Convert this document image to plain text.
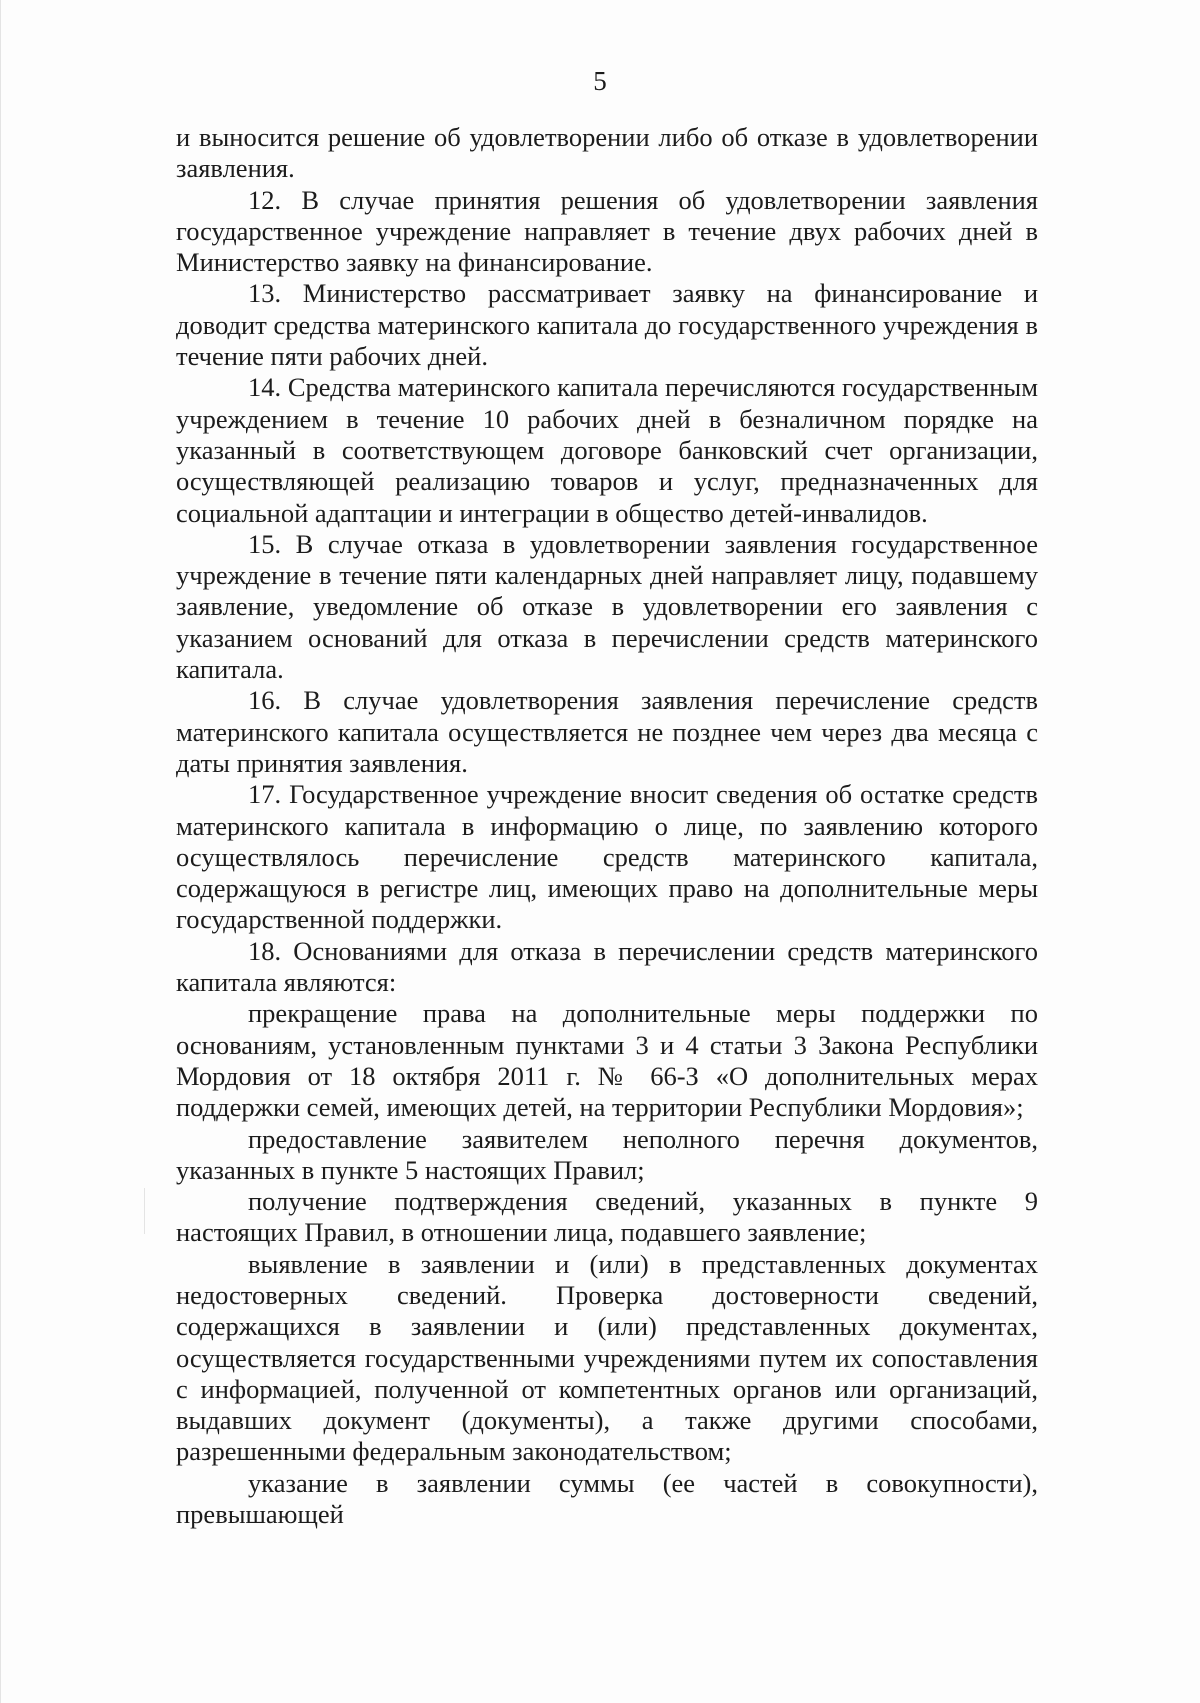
5

и выносится решение об удовлетворении либо об отказе в удовлетворении заявления.

12. В случае принятия решения об удовлетворении заявления государственное учреждение направляет в течение двух рабочих дней в Министерство заявку на финансирование.

13. Министерство рассматривает заявку на финансирование и доводит средства материнского капитала до государственного учреждения в течение пяти рабочих дней.

14. Средства материнского капитала перечисляются государственным учреждением в течение 10 рабочих дней в безналичном порядке на указанный в соответствующем договоре банковский счет организации, осуществляющей реализацию товаров и услуг, предназначенных для социальной адаптации и интеграции в общество детей-инвалидов.

15. В случае отказа в удовлетворении заявления государственное учреждение в течение пяти календарных дней направляет лицу, подавшему заявление, уведомление об отказе в удовлетворении его заявления с указанием оснований для отказа в перечислении средств материнского капитала.

16. В случае удовлетворения заявления перечисление средств материнского капитала осуществляется не позднее чем через два месяца с даты принятия заявления.

17. Государственное учреждение вносит сведения об остатке средств материнского капитала в информацию о лице, по заявлению которого осуществлялось перечисление средств материнского капитала, содержащуюся в регистре лиц, имеющих право на дополнительные меры государственной поддержки.

18. Основаниями для отказа в перечислении средств материнского капитала являются:

прекращение права на дополнительные меры поддержки по основаниям, установленным пунктами 3 и 4 статьи 3 Закона Республики Мордовия от 18 октября 2011 г. № 66-З «О дополнительных мерах поддержки семей, имеющих детей, на территории Республики Мордовия»;

предоставление заявителем неполного перечня документов, указанных в пункте 5 настоящих Правил;

получение подтверждения сведений, указанных в пункте 9 настоящих Правил, в отношении лица, подавшего заявление;

выявление в заявлении и (или) в представленных документах недостоверных сведений. Проверка достоверности сведений, содержащихся в заявлении и (или) представленных документах, осуществляется государственными учреждениями путем их сопоставления с информацией, полученной от компетентных органов или организаций, выдавших документ (документы), а также другими способами, разрешенными федеральным законодательством;

указание в заявлении суммы (ее частей в совокупности), превышающей
